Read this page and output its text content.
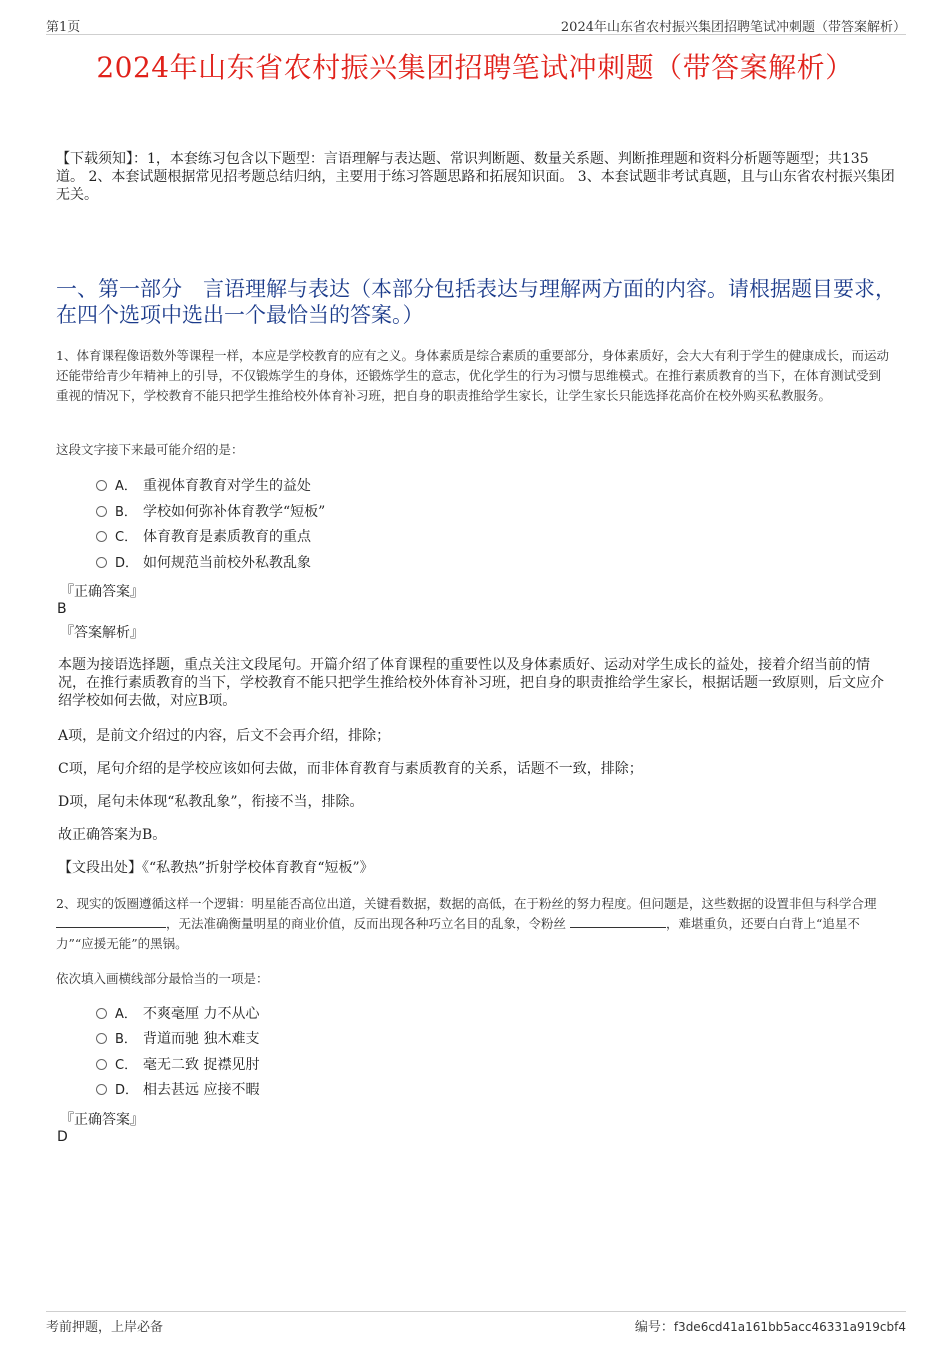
第1页	2024年山东省农村振兴集团招聘笔试冲刺题（带答案解析）
2024年山东省农村振兴集团招聘笔试冲刺题（带答案解析）
【下载须知】：1，本套练习包含以下题型：言语理解与表达题、常识判断题、数量关系题、判断推理题和资料分析题等题型；共135道。 2、本套试题根据常见招考题总结归纳，主要用于练习答题思路和拓展知识面。 3、本套试题非考试真题，且与山东省农村振兴集团无关。
一、第一部分　言语理解与表达（本部分包括表达与理解两方面的内容。请根据题目要求，在四个选项中选出一个最恰当的答案。）
1、体育课程像语数外等课程一样，本应是学校教育的应有之义。身体素质是综合素质的重要部分，身体素质好，会大大有利于学生的健康成长，而运动还能带给青少年精神上的引导，不仅锻炼学生的身体，还锻炼学生的意志，优化学生的行为习惯与思维模式。在推行素质教育的当下，在体育测试受到重视的情况下，学校教育不能只把学生推给校外体育补习班，把自身的职责推给学生家长，让学生家长只能选择花高价在校外购买私教服务。
这段文字接下来最可能介绍的是：
A． 重视体育教育对学生的益处
B． 学校如何弥补体育教学“短板”
C． 体育教育是素质教育的重点
D． 如何规范当前校外私教乱象
『正确答案』
B
『答案解析』
本题为接语选择题，重点关注文段尾句。开篇介绍了体育课程的重要性以及身体素质好、运动对学生成长的益处，接着介绍当前的情况，在推行素质教育的当下，学校教育不能只把学生推给校外体育补习班，把自身的职责推给学生家长，根据话题一致原则，后文应介绍学校如何去做，对应B项。
A项，是前文介绍过的内容，后文不会再介绍，排除；
C项，尾句介绍的是学校应该如何去做，而非体育教育与素质教育的关系，话题不一致，排除；
D项，尾句未体现“私教乱象”，衔接不当，排除。
故正确答案为B。
【文段出处】《“私教热”折射学校体育教育“短板”》
2、现实的饭圈遵循这样一个逻辑：明星能否高位出道，关键看数据，数据的高低，在于粉丝的努力程度。但问题是，这些数据的设置非但与科学合理 ，无法准确衡量明星的商业价值，反而出现各种巧立名目的乱象，令粉丝	，难堪重负，还要白白背上“追星不力”“应援无能”的黑锅。
依次填入画横线部分最恰当的一项是：
A． 不爽毫厘 力不从心
B． 背道而驰 独木难支
C． 毫无二致 捉襟见肘
D． 相去甚远 应接不暇
『正确答案』
D
考前押题，上岸必备	编号：f3de6cd41a161bb5acc46331a919cbf4
